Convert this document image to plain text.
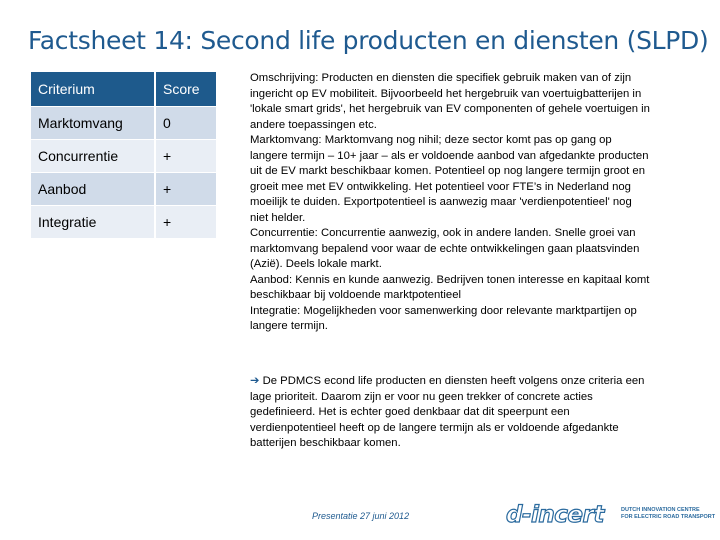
Factsheet 14: Second life producten en diensten (SLPD)
Criterium	Score
Marktomvang	0
Concurrentie	+
Aanbod	+
Integratie	+
Omschrijving: Producten en diensten die specifiek gebruik maken van of zijn
ingericht op EV mobiliteit. Bijvoorbeeld het hergebruik van voertuigbatterijen in
'lokale smart grids', het hergebruik van EV componenten of gehele voertuigen in
andere toepassingen etc.
Marktomvang: Marktomvang nog nihil; deze sector komt pas op gang op
langere termijn – 10+ jaar – als er voldoende aanbod van afgedankte producten
uit de EV markt beschikbaar komen. Potentieel op nog langere termijn groot en
groeit mee met EV ontwikkeling. Het potentieel voor FTE’s in Nederland nog
moeilijk te duiden. Exportpotentieel is aanwezig maar 'verdienpotentieel' nog
niet helder.
Concurrentie: Concurrentie aanwezig, ook in andere landen. Snelle groei van
marktomvang bepalend voor waar de echte ontwikkelingen gaan plaatsvinden
(Azië). Deels lokale markt.
Aanbod: Kennis en kunde aanwezig. Bedrijven tonen interesse en kapitaal komt
beschikbaar bij voldoende marktpotentieel
Integratie: Mogelijkheden voor samenwerking door relevante marktpartijen op
langere termijn.
➔ De PDMCS econd life producten en diensten heeft volgens onze criteria een
lage prioriteit. Daarom zijn er voor nu geen trekker of concrete acties
gedefinieerd. Het is echter goed denkbaar dat dit speerpunt een
verdienpotentieel heeft op de langere termijn als er voldoende afgedankte
batterijen beschikbaar komen.
Presentatie 27 juni 2012	d-incert	DUTCH INNOVATION CENTRE
FOR ELECTRIC ROAD TRANSPORT
